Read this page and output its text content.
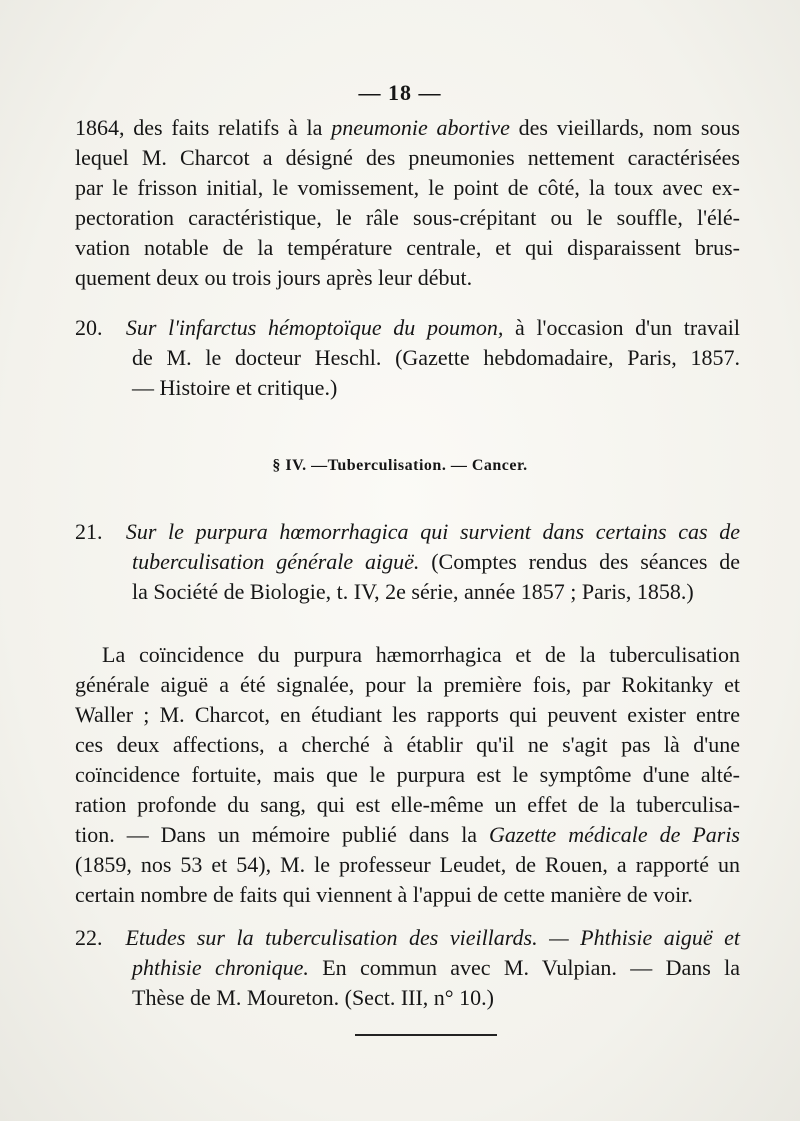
— 18 —
1864, des faits relatifs à la pneumonie abortive des vieillards, nom sous
lequel M. Charcot a désigné des pneumonies nettement caractérisées
par le frisson initial, le vomissement, le point de côté, la toux avec ex-
pectoration caractéristique, le râle sous-crépitant ou le souffle, l'élé-
vation notable de la température centrale, et qui disparaissent brus-
quement deux ou trois jours après leur début.
20. Sur l'infarctus hémoptoïque du poumon, à l'occasion d'un travail
de M. le docteur Heschl. (Gazette hebdomadaire, Paris, 1857.
— Histoire et critique.)
§ IV. —Tuberculisation. — Cancer.
21. Sur le purpura hœmorrhagica qui survient dans certains cas de
tuberculisation générale aiguë. (Comptes rendus des séances de
la Société de Biologie, t. IV, 2e série, année 1857 ; Paris, 1858.)
La coïncidence du purpura hæmorrhagica et de la tuberculisation
générale aiguë a été signalée, pour la première fois, par Rokitanky et
Waller ; M. Charcot, en étudiant les rapports qui peuvent exister entre
ces deux affections, a cherché à établir qu'il ne s'agit pas là d'une
coïncidence fortuite, mais que le purpura est le symptôme d'une alté-
ration profonde du sang, qui est elle-même un effet de la tuberculisa-
tion. — Dans un mémoire publié dans la Gazette médicale de Paris
(1859, nos 53 et 54), M. le professeur Leudet, de Rouen, a rapporté un
certain nombre de faits qui viennent à l'appui de cette manière de voir.
22. Etudes sur la tuberculisation des vieillards. — Phthisie aiguë et
phthisie chronique. En commun avec M. Vulpian. — Dans la
Thèse de M. Moureton. (Sect. III, n° 10.)
